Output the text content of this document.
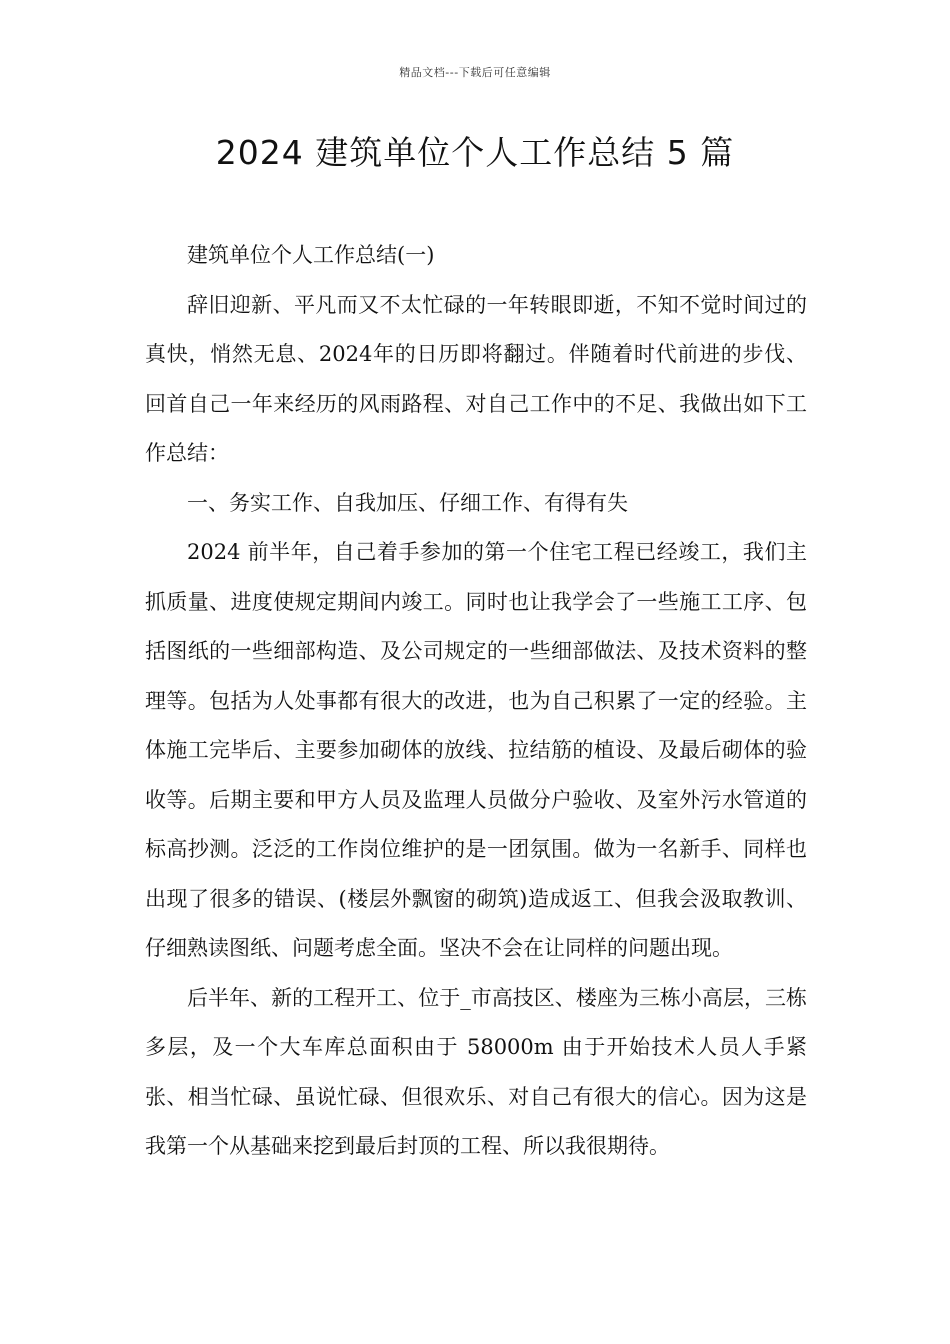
精品文档---下载后可任意编辑
2024 建筑单位个人工作总结 5 篇

建筑单位个人工作总结(一)

辞旧迎新、平凡而又不太忙碌的一年转眼即逝，不知不觉时间过的真快，悄然无息、2024年的日历即将翻过。伴随着时代前进的步伐、回首自己一年来经历的风雨路程、对自己工作中的不足、我做出如下工作总结：

一、务实工作、自我加压、仔细工作、有得有失

2024 前半年，自己着手参加的第一个住宅工程已经竣工，我们主抓质量、进度使规定期间内竣工。同时也让我学会了一些施工工序、包括图纸的一些细部构造、及公司规定的一些细部做法、及技术资料的整理等。包括为人处事都有很大的改进，也为自己积累了一定的经验。主体施工完毕后、主要参加砌体的放线、拉结筋的植设、及最后砌体的验收等。后期主要和甲方人员及监理人员做分户验收、及室外污水管道的标高抄测。泛泛的工作岗位维护的是一团氛围。做为一名新手、同样也出现了很多的错误、(楼层外飘窗的砌筑)造成返工、但我会汲取教训、仔细熟读图纸、问题考虑全面。坚决不会在让同样的问题出现。

后半年、新的工程开工、位于_市高技区、楼座为三栋小高层，三栋多层，及一个大车库总面积由于 58000m 由于开始技术人员人手紧张、相当忙碌、虽说忙碌、但很欢乐、对自己有很大的信心。因为这是我第一个从基础来挖到最后封顶的工程、所以我很期待。
